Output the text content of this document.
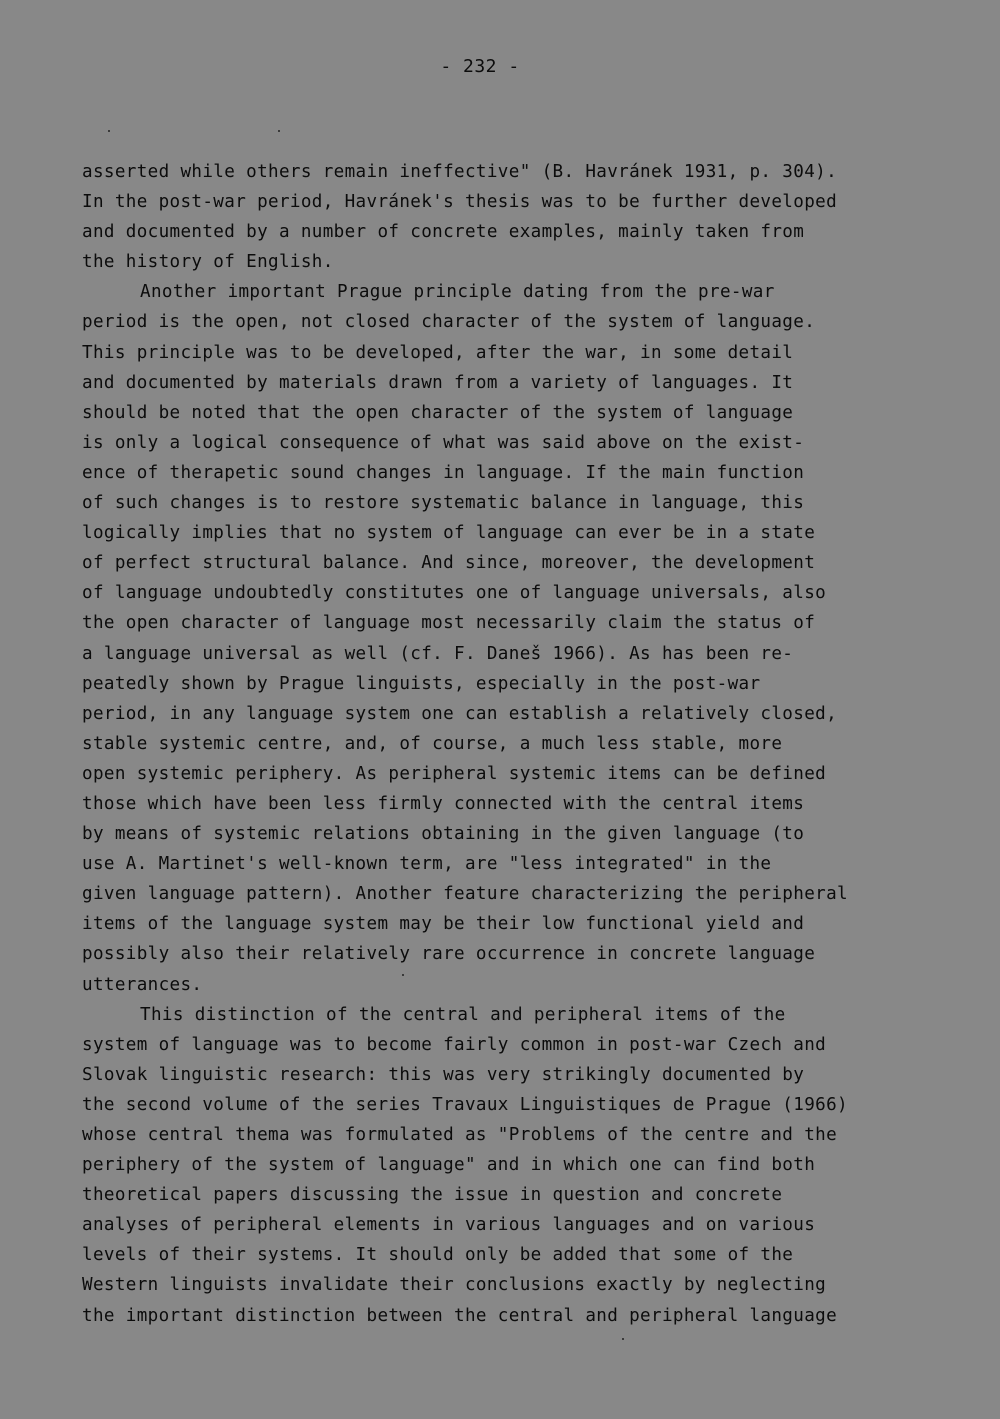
- 232 -
asserted while others remain ineffective" (B. Havránek 1931, p. 304).
In the post-war period, Havránek's thesis was to be further developed
and documented by a number of concrete examples, mainly taken from
the history of English.
Another important Prague principle dating from the pre-war
period is the open, not closed character of the system of language.
This principle was to be developed, after the war, in some detail
and documented by materials drawn from a variety of languages. It
should be noted that the open character of the system of language
is only a logical consequence of what was said above on the exist-
ence of therapetic sound changes in language. If the main function
of such changes is to restore systematic balance in language, this
logically implies that no system of language can ever be in a state
of perfect structural balance. And since, moreover, the development
of language undoubtedly constitutes one of language universals, also
the open character of language most necessarily claim the status of
a language universal as well (cf. F. Daneš 1966). As has been re-
peatedly shown by Prague linguists, especially in the post-war
period, in any language system one can establish a relatively closed,
stable systemic centre, and, of course, a much less stable, more
open systemic periphery. As peripheral systemic items can be defined
those which have been less firmly connected with the central items
by means of systemic relations obtaining in the given language (to
use A. Martinet's well-known term, are "less integrated" in the
given language pattern). Another feature characterizing the peripheral
items of the language system may be their low functional yield and
possibly also their relatively rare occurrence in concrete language
utterances.
This distinction of the central and peripheral items of the
system of language was to become fairly common in post-war Czech and
Slovak linguistic research: this was very strikingly documented by
the second volume of the series Travaux Linguistiques de Prague (1966)
whose central thema was formulated as "Problems of the centre and the
periphery of the system of language" and in which one can find both
theoretical papers discussing the issue in question and concrete
analyses of peripheral elements in various languages and on various
levels of their systems. It should only be added that some of the
Western linguists invalidate their conclusions exactly by neglecting
the important distinction between the central and peripheral language
